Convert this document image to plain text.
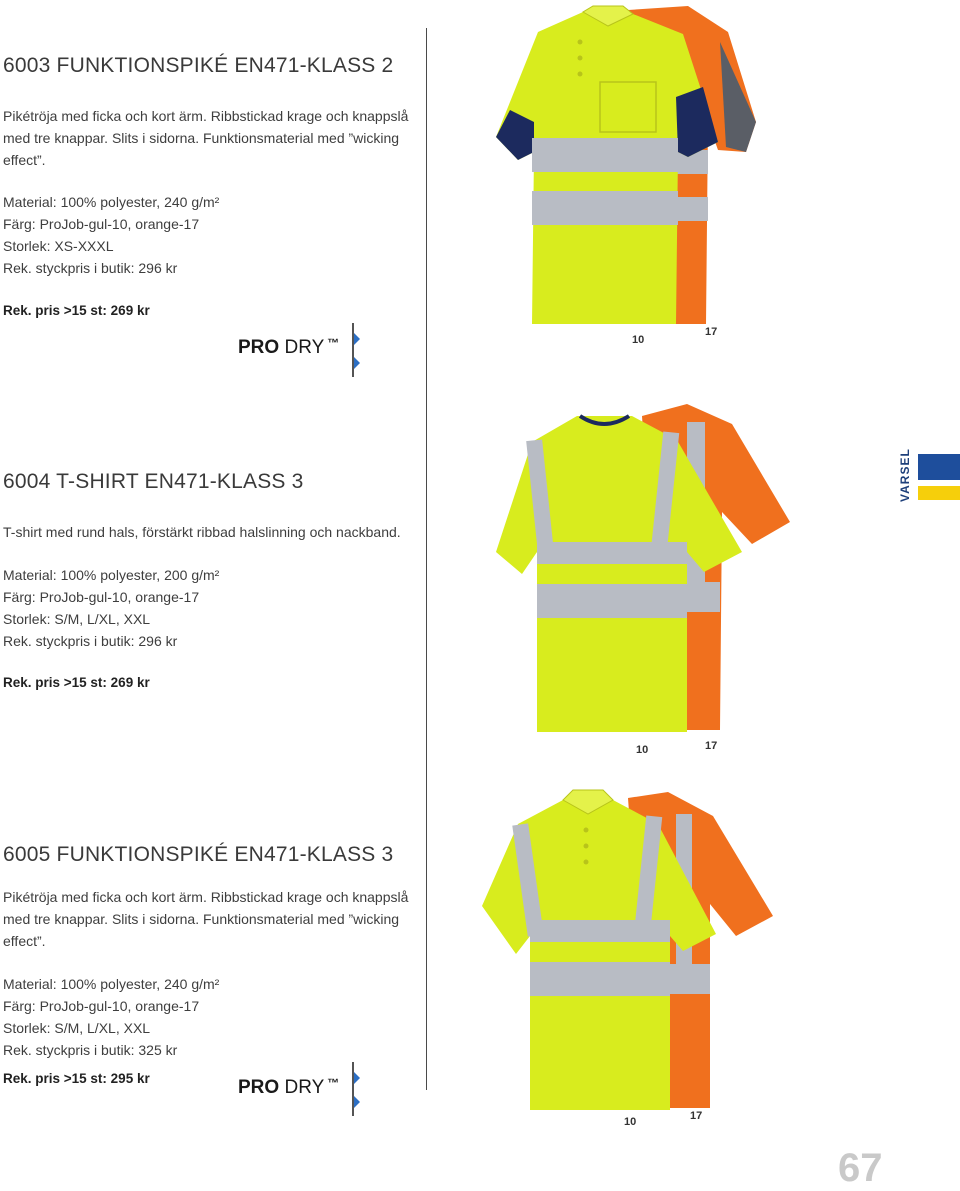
6003 FUNKTIONSPIKÉ EN471-KLASS 2
Pikétröja med ficka och kort ärm. Ribbstickad krage och knappslå
med tre knappar. Slits i sidorna. Funktionsmaterial med ”wicking
effect”.
Material: 100% polyester, 240 g/m²
Färg: ProJob-gul-10, orange-17
Storlek: XS-XXXL
Rek. styckpris i butik: 296 kr
Rek. pris >15 st: 269 kr
PRO DRY ™	10
17
6004 T-SHIRT EN471-KLASS 3
T-shirt med rund hals, förstärkt ribbad halslinning och nackband.
Material: 100% polyester, 200 g/m²
Färg: ProJob-gul-10, orange-17
Storlek: S/M, L/XL, XXL
Rek. styckpris i butik: 296 kr
Rek. pris >15 st: 269 kr
10	17
VARSEL
6005 FUNKTIONSPIKÉ EN471-KLASS 3
Pikétröja med ficka och kort ärm. Ribbstickad krage och knappslå
med tre knappar. Slits i sidorna. Funktionsmaterial med ”wicking
effect”.
Material: 100% polyester, 240 g/m²
Färg: ProJob-gul-10, orange-17
Storlek: S/M, L/XL, XXL
Rek. styckpris i butik: 325 kr
Rek. pris >15 st: 295 kr	PRO DRY ™
10	17
67
